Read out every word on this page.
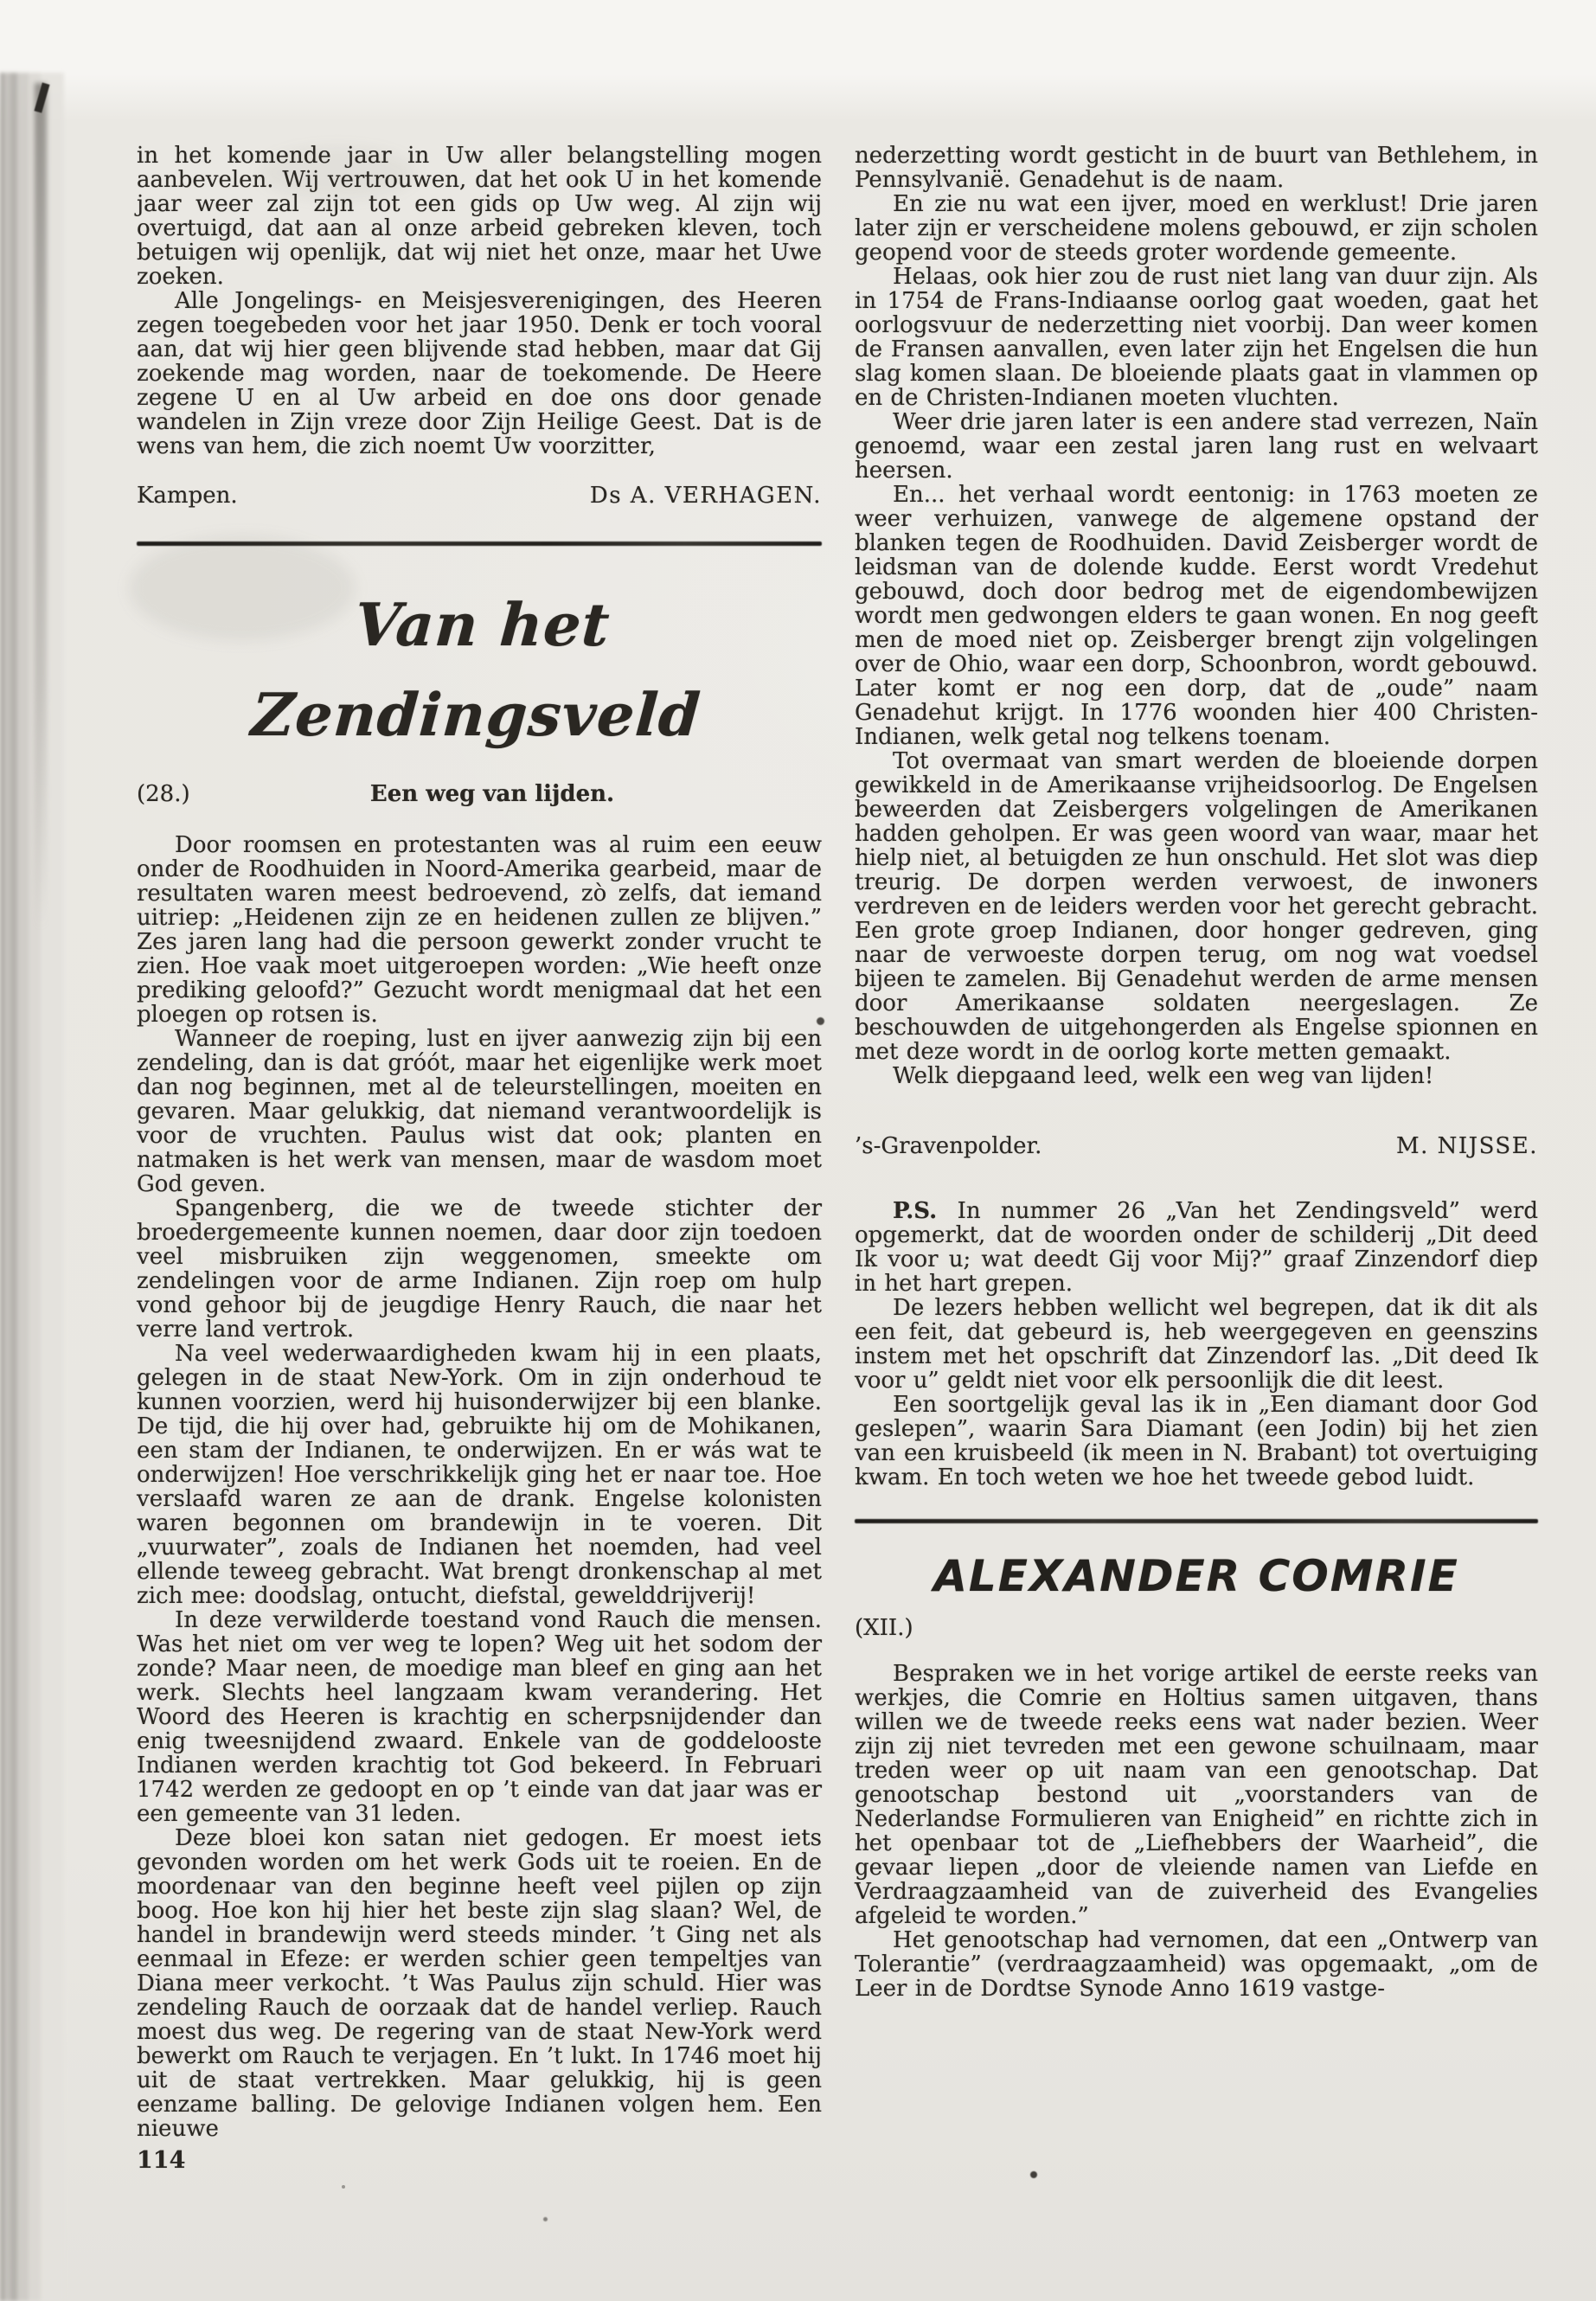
in het komende jaar in Uw aller belangstelling mogen aanbevelen. Wij vertrouwen, dat het ook U in het komende jaar weer zal zijn tot een gids op Uw weg. Al zijn wij overtuigd, dat aan al onze arbeid gebreken kleven, toch betuigen wij openlijk, dat wij niet het onze, maar het Uwe zoeken.

Alle Jongelings- en Meisjesverenigingen, des Heeren zegen toegebeden voor het jaar 1950. Denk er toch vooral aan, dat wij hier geen blijvende stad hebben, maar dat Gij zoekende mag worden, naar de toekomende. De Heere zegene U en al Uw arbeid en doe ons door genade wandelen in Zijn vreze door Zijn Heilige Geest. Dat is de wens van hem, die zich noemt Uw voorzitter,

Kampen.	Ds A. VERHAGEN.
Van het Zendingsveld
(28.)	Een weg van lijden.

Door roomsen en protestanten was al ruim een eeuw onder de Roodhuiden in Noord-Amerika gearbeid, maar de resultaten waren meest bedroevend, zò zelfs, dat iemand uitriep: „Heidenen zijn ze en heidenen zullen ze blijven.” Zes jaren lang had die persoon gewerkt zonder vrucht te zien. Hoe vaak moet uitgeroepen worden: „Wie heeft onze prediking geloofd?” Gezucht wordt menigmaal dat het een ploegen op rotsen is.

Wanneer de roeping, lust en ijver aanwezig zijn bij een zendeling, dan is dat gróót, maar het eigenlijke werk moet dan nog beginnen, met al de teleurstellingen, moeiten en gevaren. Maar gelukkig, dat niemand verantwoordelijk is voor de vruchten. Paulus wist dat ook; planten en natmaken is het werk van mensen, maar de wasdom moet God geven.

Spangenberg, die we de tweede stichter der broedergemeente kunnen noemen, daar door zijn toedoen veel misbruiken zijn weggenomen, smeekte om zendelingen voor de arme Indianen. Zijn roep om hulp vond gehoor bij de jeugdige Henry Rauch, die naar het verre land vertrok.

Na veel wederwaardigheden kwam hij in een plaats, gelegen in de staat New-York. Om in zijn onderhoud te kunnen voorzien, werd hij huisonderwijzer bij een blanke. De tijd, die hij over had, gebruikte hij om de Mohikanen, een stam der Indianen, te onderwijzen. En er wás wat te onderwijzen! Hoe verschrikkelijk ging het er naar toe. Hoe verslaafd waren ze aan de drank. Engelse kolonisten waren begonnen om brandewijn in te voeren. Dit „vuurwater”, zoals de Indianen het noemden, had veel ellende teweeg gebracht. Wat brengt dronkenschap al met zich mee: doodslag, ontucht, diefstal, gewelddrijverij!

In deze verwilderde toestand vond Rauch die mensen. Was het niet om ver weg te lopen? Weg uit het sodom der zonde? Maar neen, de moedige man bleef en ging aan het werk. Slechts heel langzaam kwam verandering. Het Woord des Heeren is krachtig en scherpsnijdender dan enig tweesnijdend zwaard. Enkele van de goddelooste Indianen werden krachtig tot God bekeerd. In Februari 1742 werden ze gedoopt en op ’t einde van dat jaar was er een gemeente van 31 leden.

Deze bloei kon satan niet gedogen. Er moest iets gevonden worden om het werk Gods uit te roeien. En de moordenaar van den beginne heeft veel pijlen op zijn boog. Hoe kon hij hier het beste zijn slag slaan? Wel, de handel in brandewijn werd steeds minder. ’t Ging net als eenmaal in Efeze: er werden schier geen tempeltjes van Diana meer verkocht. ’t Was Paulus zijn schuld. Hier was zendeling Rauch de oorzaak dat de handel verliep. Rauch moest dus weg. De regering van de staat New-York werd bewerkt om Rauch te verjagen. En ’t lukt. In 1746 moet hij uit de staat vertrekken. Maar gelukkig, hij is geen eenzame balling. De gelovige Indianen volgen hem. Een nieuwe

nederzetting wordt gesticht in de buurt van Bethlehem, in Pennsylvanië. Genadehut is de naam.

En zie nu wat een ijver, moed en werklust! Drie jaren later zijn er verscheidene molens gebouwd, er zijn scholen geopend voor de steeds groter wordende gemeente.

Helaas, ook hier zou de rust niet lang van duur zijn. Als in 1754 de Frans-Indiaanse oorlog gaat woeden, gaat het oorlogsvuur de nederzetting niet voorbij. Dan weer komen de Fransen aanvallen, even later zijn het Engelsen die hun slag komen slaan. De bloeiende plaats gaat in vlammen op en de Christen-Indianen moeten vluchten.

Weer drie jaren later is een andere stad verrezen, Naïn genoemd, waar een zestal jaren lang rust en welvaart heersen.

En... het verhaal wordt eentonig: in 1763 moeten ze weer verhuizen, vanwege de algemene opstand der blanken tegen de Roodhuiden. David Zeisberger wordt de leidsman van de dolende kudde. Eerst wordt Vredehut gebouwd, doch door bedrog met de eigendombewijzen wordt men gedwongen elders te gaan wonen. En nog geeft men de moed niet op. Zeisberger brengt zijn volgelingen over de Ohio, waar een dorp, Schoonbron, wordt gebouwd. Later komt er nog een dorp, dat de „oude” naam Genadehut krijgt. In 1776 woonden hier 400 Christen-Indianen, welk getal nog telkens toenam.

Tot overmaat van smart werden de bloeiende dorpen gewikkeld in de Amerikaanse vrijheidsoorlog. De Engelsen beweerden dat Zeisbergers volgelingen de Amerikanen hadden geholpen. Er was geen woord van waar, maar het hielp niet, al betuigden ze hun onschuld. Het slot was diep treurig. De dorpen werden verwoest, de inwoners verdreven en de leiders werden voor het gerecht gebracht. Een grote groep Indianen, door honger gedreven, ging naar de verwoeste dorpen terug, om nog wat voedsel bijeen te zamelen. Bij Genadehut werden de arme mensen door Amerikaanse soldaten neergeslagen. Ze beschouwden de uitgehongerden als Engelse spionnen en met deze wordt in de oorlog korte metten gemaakt.

Welk diepgaand leed, welk een weg van lijden!

’s-Gravenpolder.	M. NIJSSE.

P.S. In nummer 26 „Van het Zendingsveld” werd opgemerkt, dat de woorden onder de schilderij „Dit deed Ik voor u; wat deedt Gij voor Mij?” graaf Zinzendorf diep in het hart grepen.

De lezers hebben wellicht wel begrepen, dat ik dit als een feit, dat gebeurd is, heb weergegeven en geenszins instem met het opschrift dat Zinzendorf las. „Dit deed Ik voor u” geldt niet voor elk persoonlijk die dit leest.

Een soortgelijk geval las ik in „Een diamant door God geslepen”, waarin Sara Diamant (een Jodin) bij het zien van een kruisbeeld (ik meen in N. Brabant) tot overtuiging kwam. En toch weten we hoe het tweede gebod luidt.

ALEXANDER COMRIE
(XII.)

Bespraken we in het vorige artikel de eerste reeks van werkjes, die Comrie en Holtius samen uitgaven, thans willen we de tweede reeks eens wat nader bezien. Weer zijn zij niet tevreden met een gewone schuilnaam, maar treden weer op uit naam van een genootschap. Dat genootschap bestond uit „voorstanders van de Nederlandse Formulieren van Enigheid” en richtte zich in het openbaar tot de „Liefhebbers der Waarheid”, die gevaar liepen „door de vleiende namen van Liefde en Verdraagzaamheid van de zuiverheid des Evangelies afgeleid te worden.”

Het genootschap had vernomen, dat een „Ontwerp van Tolerantie” (verdraagzaamheid) was opgemaakt, „om de Leer in de Dordtse Synode Anno 1619 vastge-

114
